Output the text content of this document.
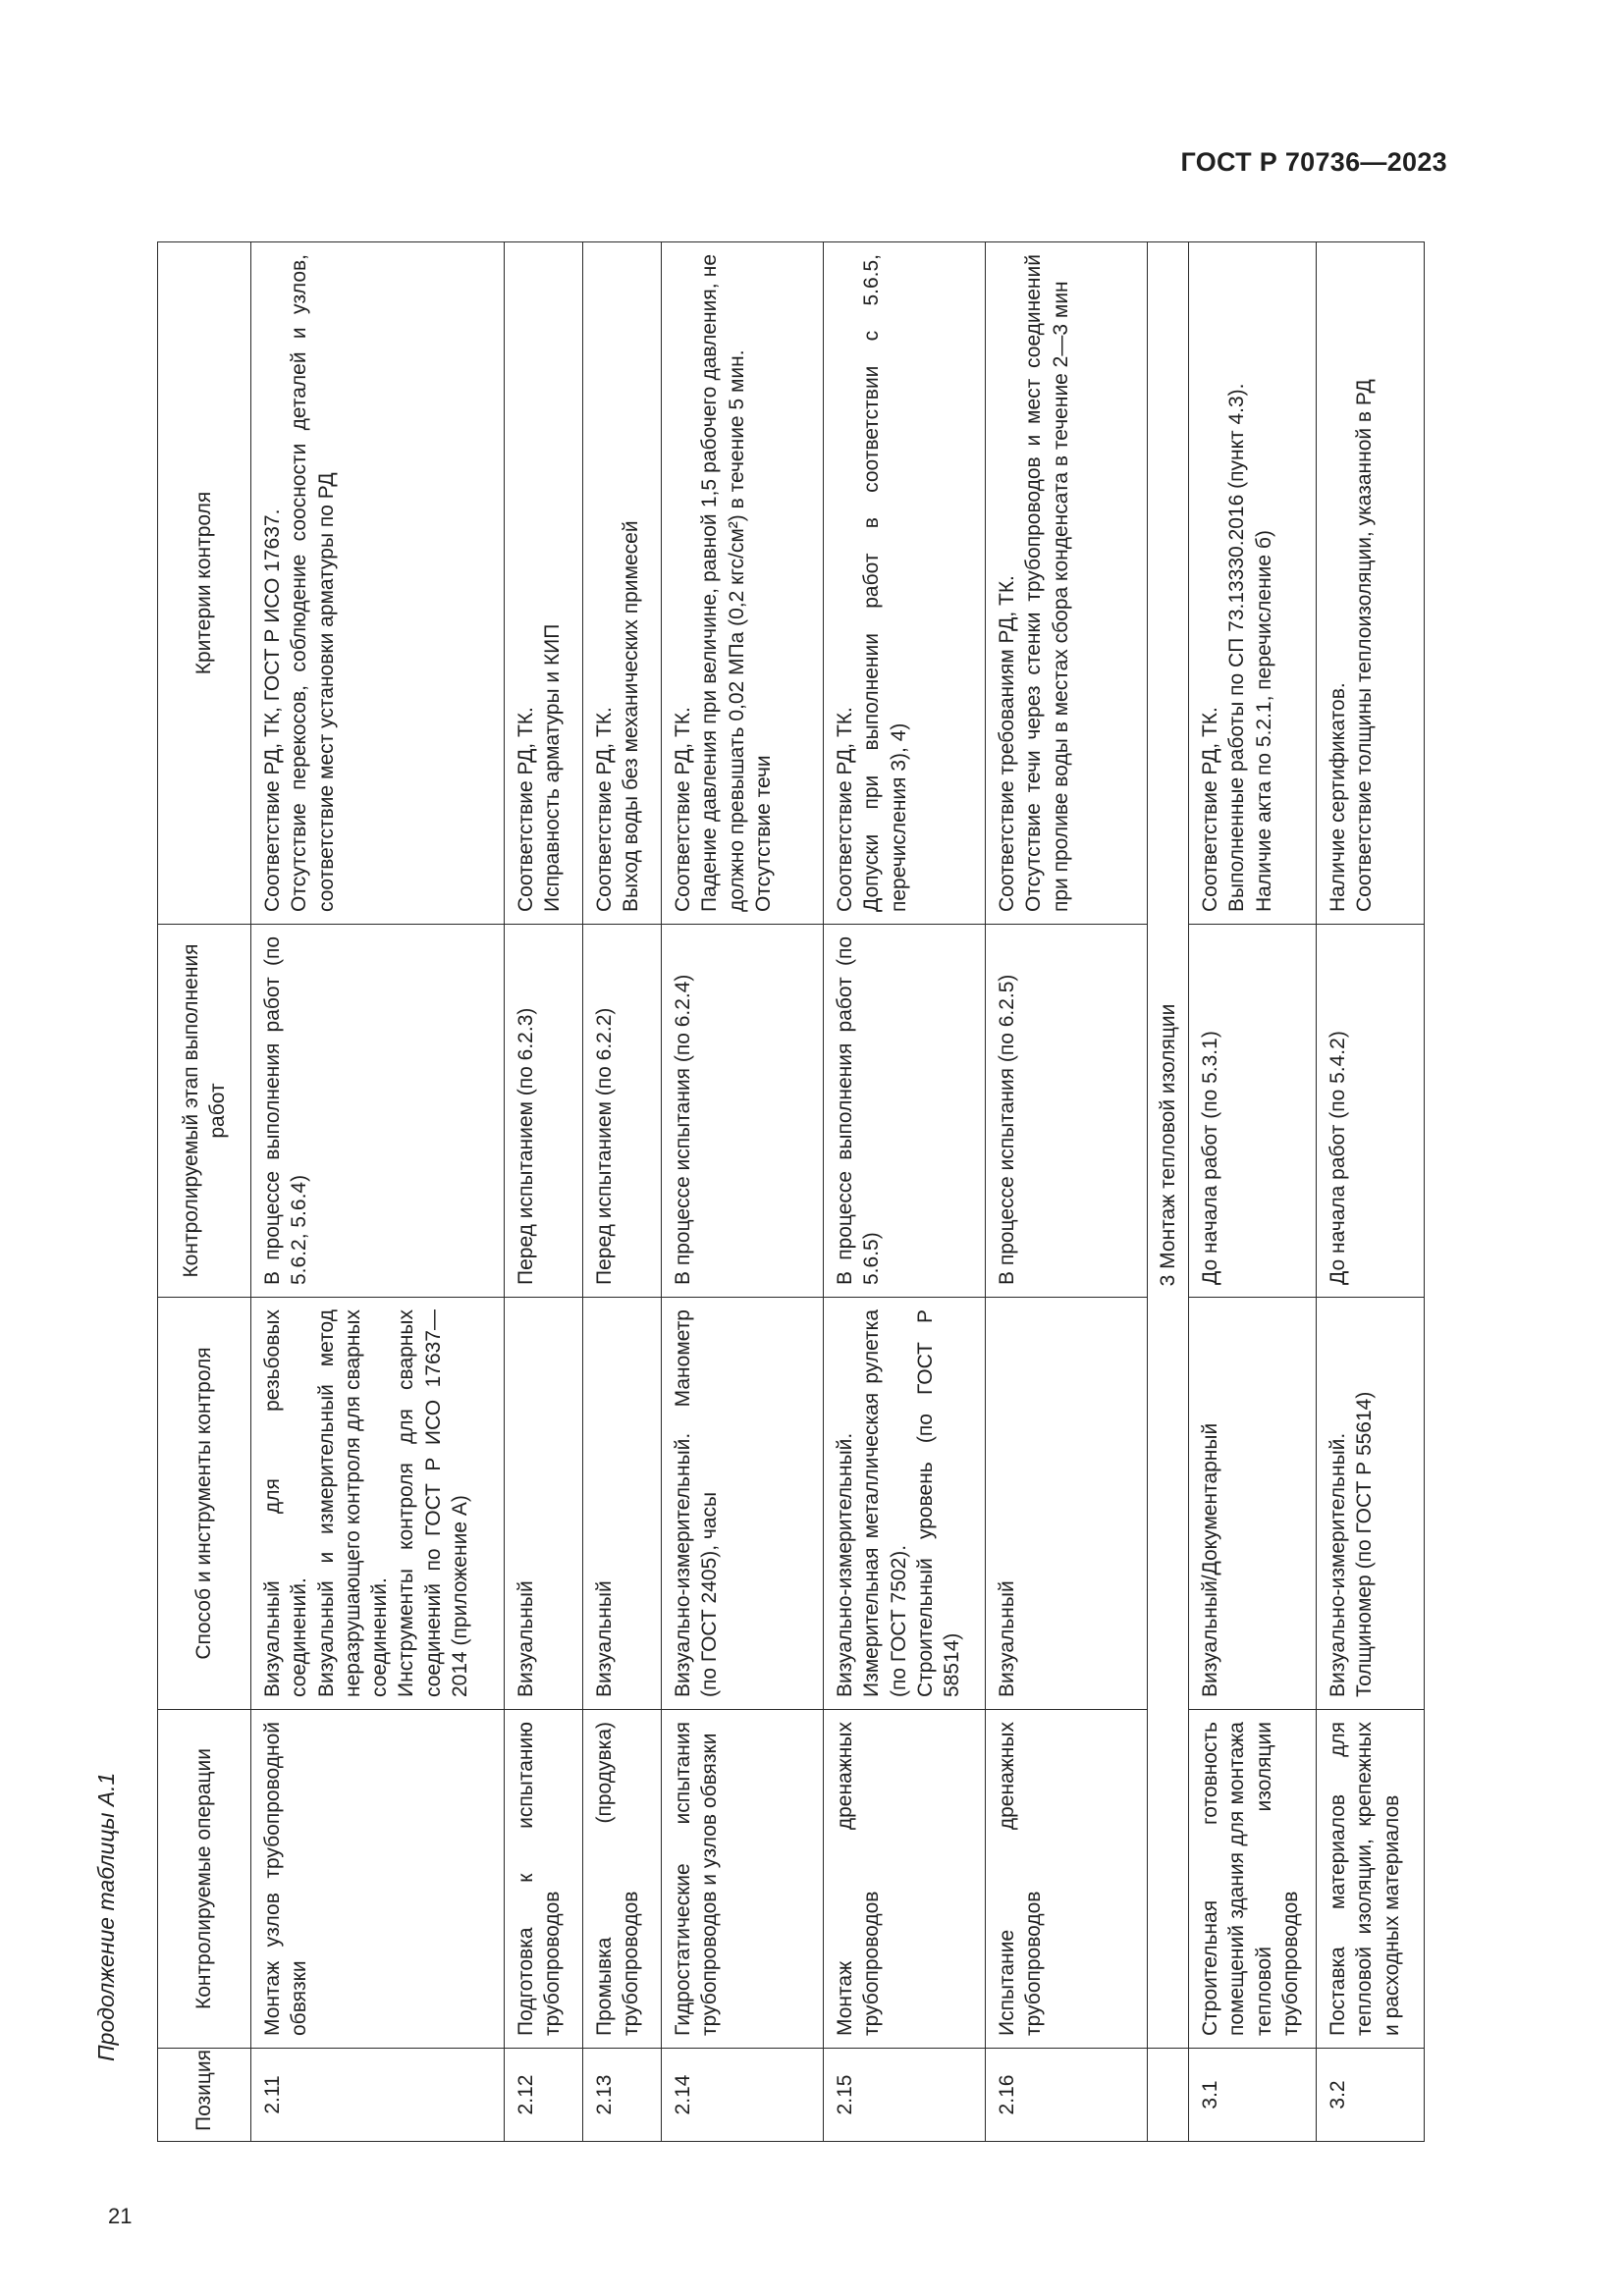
ГОСТ Р 70736—2023
Продолжение таблицы А.1
21
Позиция	Контролируемые операции	Способ и инструменты контроля	Контролируемый этап выполнения работ	Критерии контроля
2.11	Монтаж узлов трубопроводной обвязки	Визуальный для резьбовых соединений. Визуальный и измерительный метод неразрушающего контроля для сварных соединений. Инструменты контроля для сварных соединений по ГОСТ Р ИСО 17637—2014 (приложение А)	В процессе выполнения работ (по 5.6.2, 5.6.4)	Соответствие РД, ТК, ГОСТ Р ИСО 17637. Отсутствие перекосов, соблюдение соосности деталей и узлов, соответствие мест установки арматуры по РД

2.12	Подготовка к испытанию трубопроводов	Визуальный	Перед испытанием (по 6.2.3)	Соответствие РД, ТК. Исправность арматуры и КИП

2.13	Промывка (продувка) трубопроводов	Визуальный	Перед испытанием (по 6.2.2)	Соответствие РД, ТК. Выход воды без механических примесей

2.14	Гидростатические испытания трубопроводов и узлов обвязки	Визуально-измерительный. Манометр (по ГОСТ 2405), часы	В процессе испытания (по 6.2.4)	Соответствие РД, ТК. Падение давления при величине, равной 1,5 рабочего давления, не должно превышать 0,02 МПа (0,2 кгс/см²) в течение 5 мин. Отсутствие течи

2.15	Монтаж дренажных трубопроводов	Визуально-измерительный. Измерительная металлическая рулетка (по ГОСТ 7502). Строительный уровень (по ГОСТ Р 58514)	В процессе выполнения работ (по 5.6.5)	Соответствие РД, ТК. Допуски при выполнении работ в соответствии с 5.6.5, перечисления 3), 4)

2.16	Испытание дренажных трубопроводов	Визуальный	В процессе испытания (по 6.2.5)	Соответствие требованиям РД, ТК. Отсутствие течи через стенки трубопроводов и мест соединений при проливе воды в местах сбора конденсата в течение 2—3 мин

	3 Монтаж тепловой изоляции			
3.1	Строительная готовность помещений здания для монтажа тепловой изоляции трубопроводов	Визуальный/Документарный	До начала работ (по 5.3.1)	Соответствие РД, ТК. Выполненные работы по СП 73.13330.2016 (пункт 4.3). Наличие акта по 5.2.1, перечисление б)

3.2	Поставка материалов для тепловой изоляции, крепежных и расходных материалов	Визуально-измерительный. Толщиномер (по ГОСТ Р 55614)	До начала работ (по 5.4.2)	Наличие сертификатов. Соответствие толщины теплоизоляции, указанной в РД
